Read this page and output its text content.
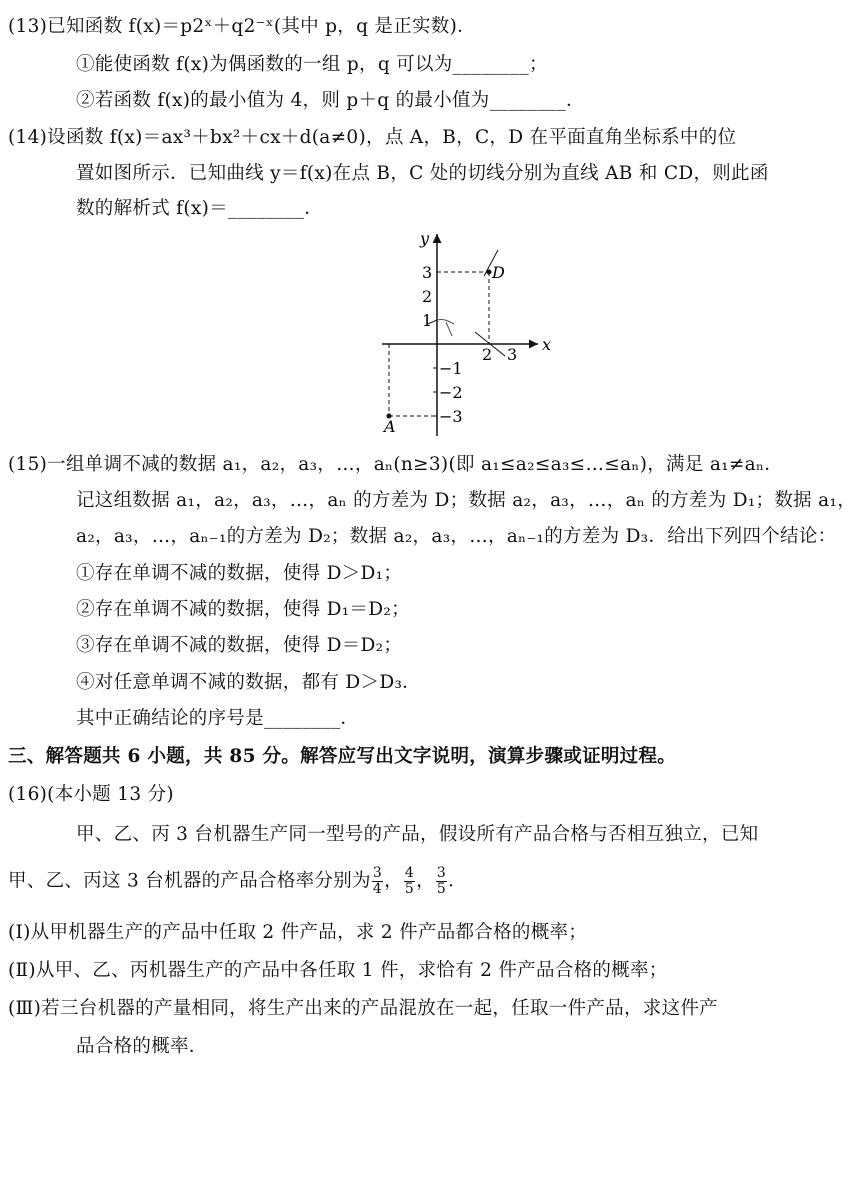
(13)已知函数 f(x)＝p2ˣ＋q2⁻ˣ(其中 p，q 是正实数)．
①能使函数 f(x)为偶函数的一组 p，q 可以为________；
②若函数 f(x)的最小值为 4，则 p＋q 的最小值为________．
(14)设函数 f(x)＝ax³＋bx²＋cx＋d(a≠0)，点 A，B，C，D 在平面直角坐标系中的位
置如图所示．已知曲线 y＝f(x)在点 B，C 处的切线分别为直线 AB 和 CD，则此函
数的解析式 f(x)＝________．
x
y
3
2
1
−1
−2
−3
2 3
D
A
(15)一组单调不减的数据 a₁，a₂，a₃，…，aₙ(n≥3)(即 a₁≤a₂≤a₃≤…≤aₙ)，满足 a₁≠aₙ．
记这组数据 a₁，a₂，a₃，…，aₙ 的方差为 D；数据 a₂，a₃，…，aₙ 的方差为 D₁；数据 a₁，
a₂，a₃，…，aₙ₋₁的方差为 D₂；数据 a₂，a₃，…，aₙ₋₁的方差为 D₃．给出下列四个结论：
①存在单调不减的数据，使得 D＞D₁；
②存在单调不减的数据，使得 D₁＝D₂；
③存在单调不减的数据，使得 D＝D₂；
④对任意单调不减的数据，都有 D＞D₃．
其中正确结论的序号是________．
三、解答题共 6 小题，共 85 分。解答应写出文字说明，演算步骤或证明过程。
(16)(本小题 13 分)
甲、乙、丙 3 台机器生产同一型号的产品，假设所有产品合格与否相互独立，已知
甲、乙、丙这 3 台机器的产品合格率分别为 $\frac{3}{4}$ ， $\frac{4}{5}$ ， $\frac{3}{5}$ ．
(Ⅰ)从甲机器生产的产品中任取 2 件产品，求 2 件产品都合格的概率；
(Ⅱ)从甲、乙、丙机器生产的产品中各任取 1 件，求恰有 2 件产品合格的概率；
(Ⅲ)若三台机器的产量相同，将生产出来的产品混放在一起，任取一件产品，求这件产
品合格的概率．
